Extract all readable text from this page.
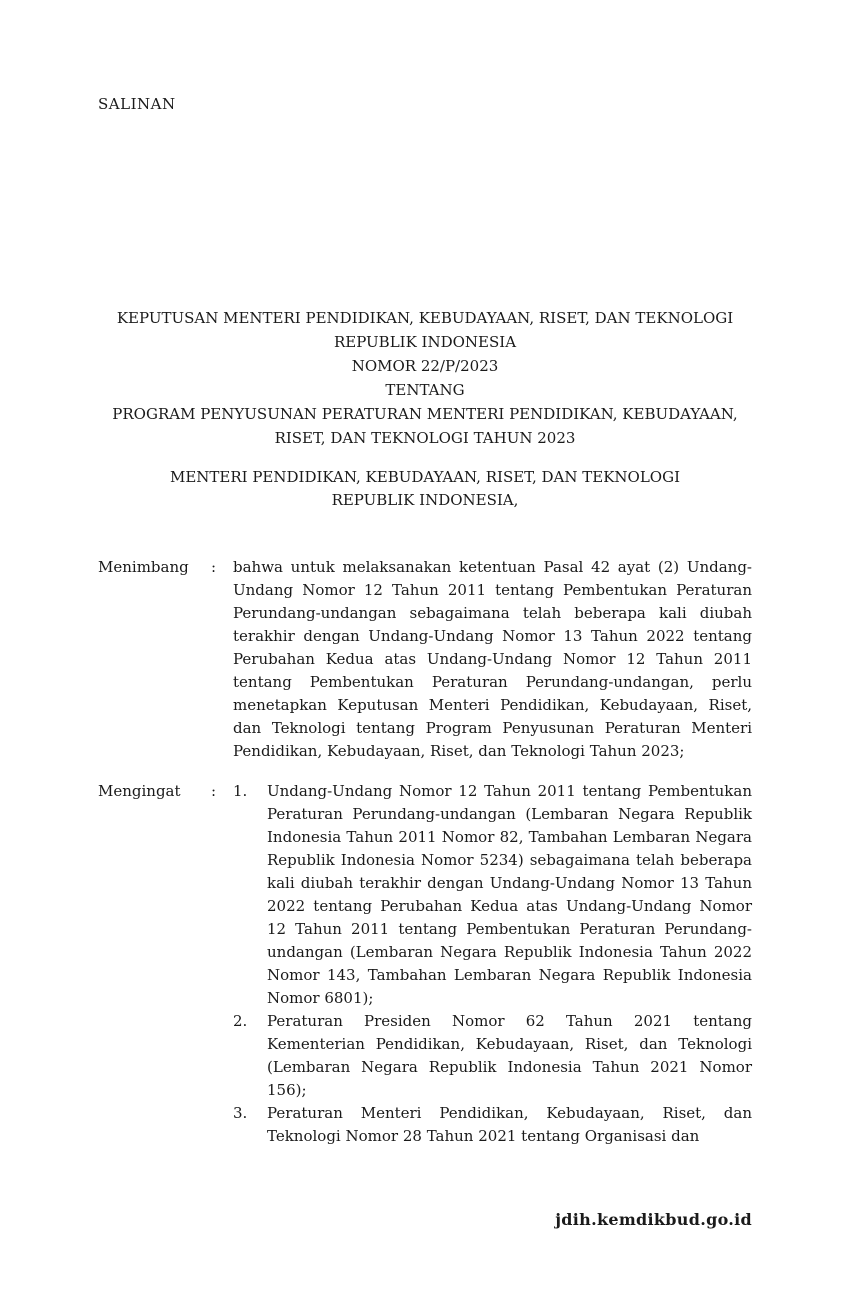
SALINAN
KEPUTUSAN MENTERI PENDIDIKAN, KEBUDAYAAN, RISET, DAN TEKNOLOGI
REPUBLIK INDONESIA
NOMOR 22/P/2023
TENTANG
PROGRAM PENYUSUNAN PERATURAN MENTERI PENDIDIKAN, KEBUDAYAAN,
RISET, DAN TEKNOLOGI TAHUN 2023
MENTERI PENDIDIKAN, KEBUDAYAAN, RISET, DAN TEKNOLOGI
REPUBLIK INDONESIA,
Menimbang	:	bahwa untuk melaksanakan ketentuan Pasal 42 ayat (2) Undang-Undang Nomor 12 Tahun 2011 tentang Pembentukan Peraturan Perundang-undangan sebagaimana telah beberapa kali diubah terakhir dengan Undang-Undang Nomor 13 Tahun 2022 tentang Perubahan Kedua atas Undang-Undang Nomor 12 Tahun 2011 tentang Pembentukan Peraturan Perundang-undangan, perlu menetapkan Keputusan Menteri Pendidikan, Kebudayaan, Riset, dan Teknologi tentang Program Penyusunan Peraturan Menteri Pendidikan, Kebudayaan, Riset, dan Teknologi Tahun 2023;
Mengingat	:	1.	Undang-Undang Nomor 12 Tahun 2011 tentang Pembentukan Peraturan Perundang-undangan (Lembaran Negara Republik Indonesia Tahun 2011 Nomor 82, Tambahan Lembaran Negara Republik Indonesia Nomor 5234) sebagaimana telah beberapa kali diubah terakhir dengan Undang-Undang Nomor 13 Tahun 2022 tentang Perubahan Kedua atas Undang-Undang Nomor 12 Tahun 2011 tentang Pembentukan Peraturan Perundang-undangan (Lembaran Negara Republik Indonesia Tahun 2022 Nomor 143, Tambahan Lembaran Negara Republik Indonesia Nomor 6801);
2.	Peraturan Presiden Nomor 62 Tahun 2021 tentang Kementerian Pendidikan, Kebudayaan, Riset, dan Teknologi (Lembaran Negara Republik Indonesia Tahun 2021 Nomor 156);
3.	Peraturan Menteri Pendidikan, Kebudayaan, Riset, dan Teknologi Nomor 28 Tahun 2021 tentang Organisasi dan
jdih.kemdikbud.go.id
